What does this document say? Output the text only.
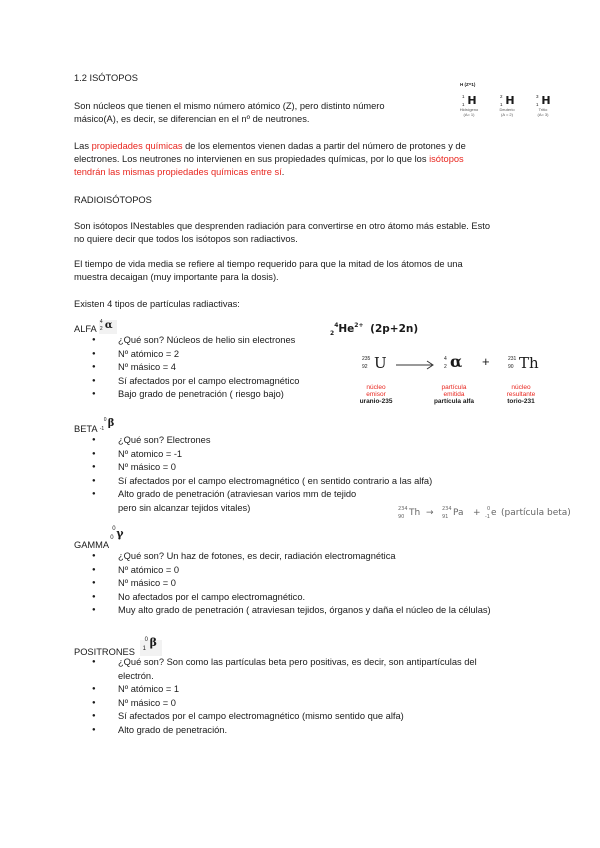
1.2 ISÓTOPOS
Son núcleos que tienen el mismo número atómico (Z), pero distinto número
másico(A), es decir, se diferencian en el nº de neutrones.
H (Z=1)
1
1 H
Hidrógeno
(A= 1)
2
1 H
Deuterio
(A = 2)
3
1 H
Tritio
(A= 3)
Las propiedades químicas de los elementos vienen dadas a partir del número de protones y de
electrones. Los neutrones no intervienen en sus propiedades químicas, por lo que los isótopos
tendrán las mismas propiedades químicas entre sí.
RADIOISÓTOPOS
Son isótopos INestables que desprenden radiación para convertirse en otro átomo más estable. Esto
no quiere decir que todos los isótopos son radiactivos.
El tiempo de vida media se refiere al tiempo requerido para que la mitad de los átomos de una
muestra decaigan (muy importante para la dosis).
Existen 4 tipos de partículas radiactivas:
ALFA
4
2 α
● ¿Qué son? Núcleos de helio sin electrones
● Nº atómico = 2
● Nº másico = 4
● Sí afectados por el campo electromagnético
● Bajo grado de penetración ( riesgo bajo)
$_2^4He^{2+}$ (2p+2n)
235
92 U	4
2 α +	231
90 Th
núcleo
emisor
uranio-235
partícula
emitida
partícula alfa
núcleo
resultante
torio-231
BETA
0
-1 β
● ¿Qué son? Electrones
● Nº atomico = -1
● Nº másico = 0
● Sí afectados por el campo electromagnético ( en sentido contrario a las alfa)
● Alto grado de penetración (atraviesan varios mm de tejido
pero sin alcanzar tejidos vitales)	234
90 Th → 234
91 Pa + 0
-1 e (partícula beta)
GAMMA
0
0 γ
● ¿Qué son? Un haz de fotones, es decir, radiación electromagnética
● Nº atómico = 0
● Nº másico = 0
● No afectados por el campo electromagnético.
● Muy alto grado de penetración ( atraviesan tejidos, órganos y daña el núcleo de la células)
POSITRONES
0
1 β
● ¿Qué son? Son como las partículas beta pero positivas, es decir, son antipartículas del
electrón.
● Nº atómico = 1
● Nº másico = 0
● Sí afectados por el campo electromagnético (mismo sentido que alfa)
● Alto grado de penetración.
